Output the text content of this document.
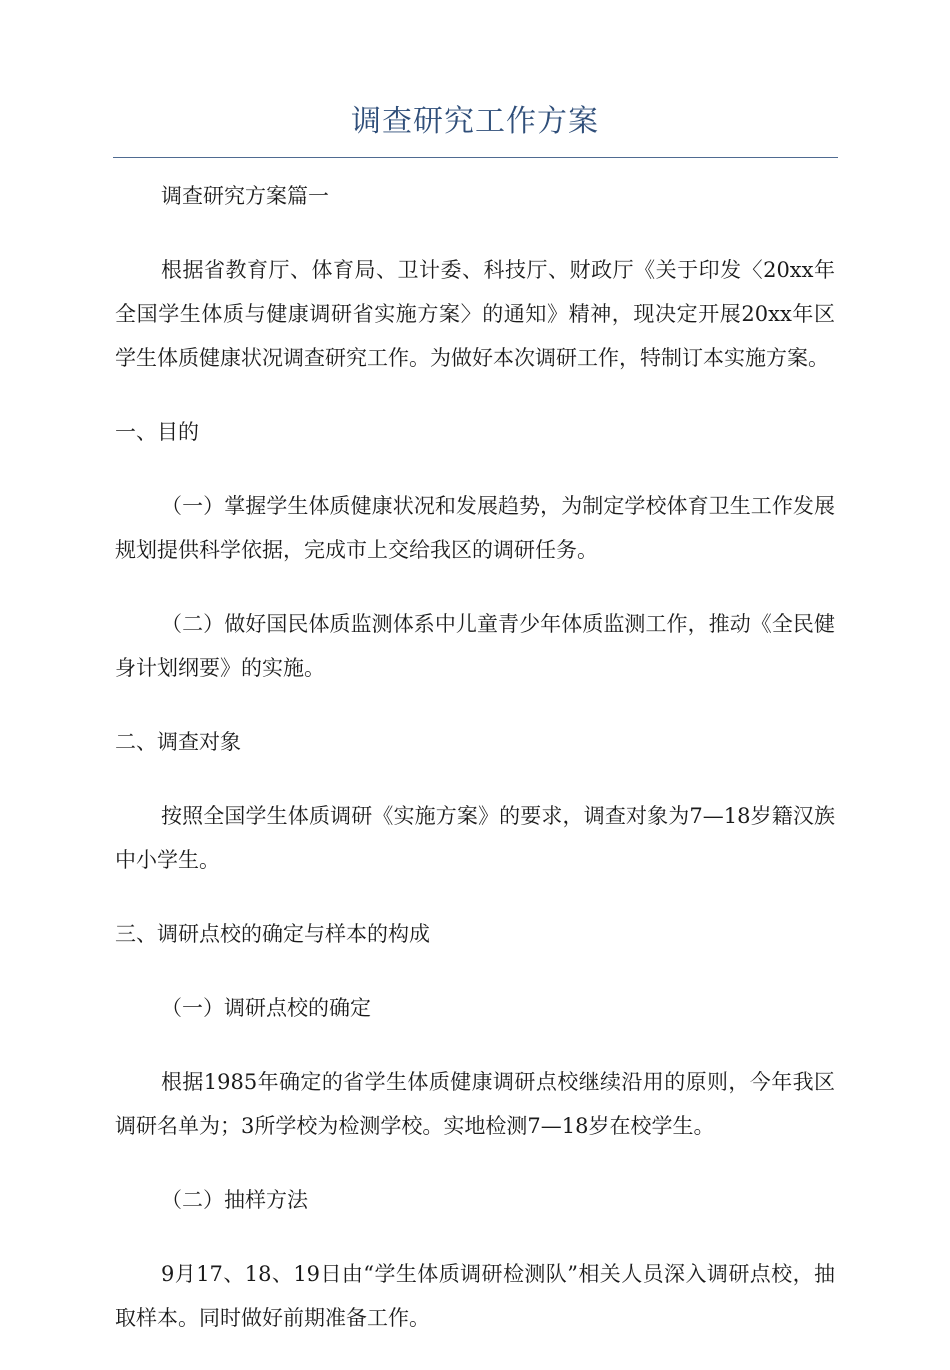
调查研究工作方案

调查研究方案篇一

根据省教育厅、体育局、卫计委、科技厅、财政厅《关于印发〈20xx年全国学生体质与健康调研省实施方案〉的通知》精神，现决定开展20xx年区学生体质健康状况调查研究工作。为做好本次调研工作，特制订本实施方案。

一、目的

（一）掌握学生体质健康状况和发展趋势，为制定学校体育卫生工作发展规划提供科学依据，完成市上交给我区的调研任务。

（二）做好国民体质监测体系中儿童青少年体质监测工作，推动《全民健身计划纲要》的实施。

二、调查对象

按照全国学生体质调研《实施方案》的要求，调查对象为7—18岁籍汉族中小学生。

三、调研点校的确定与样本的构成

（一）调研点校的确定

根据1985年确定的省学生体质健康调研点校继续沿用的原则，今年我区调研名单为；3所学校为检测学校。实地检测7—18岁在校学生。

（二）抽样方法

9月17、18、19日由“学生体质调研检测队”相关人员深入调研点校，抽取样本。同时做好前期准备工作。
